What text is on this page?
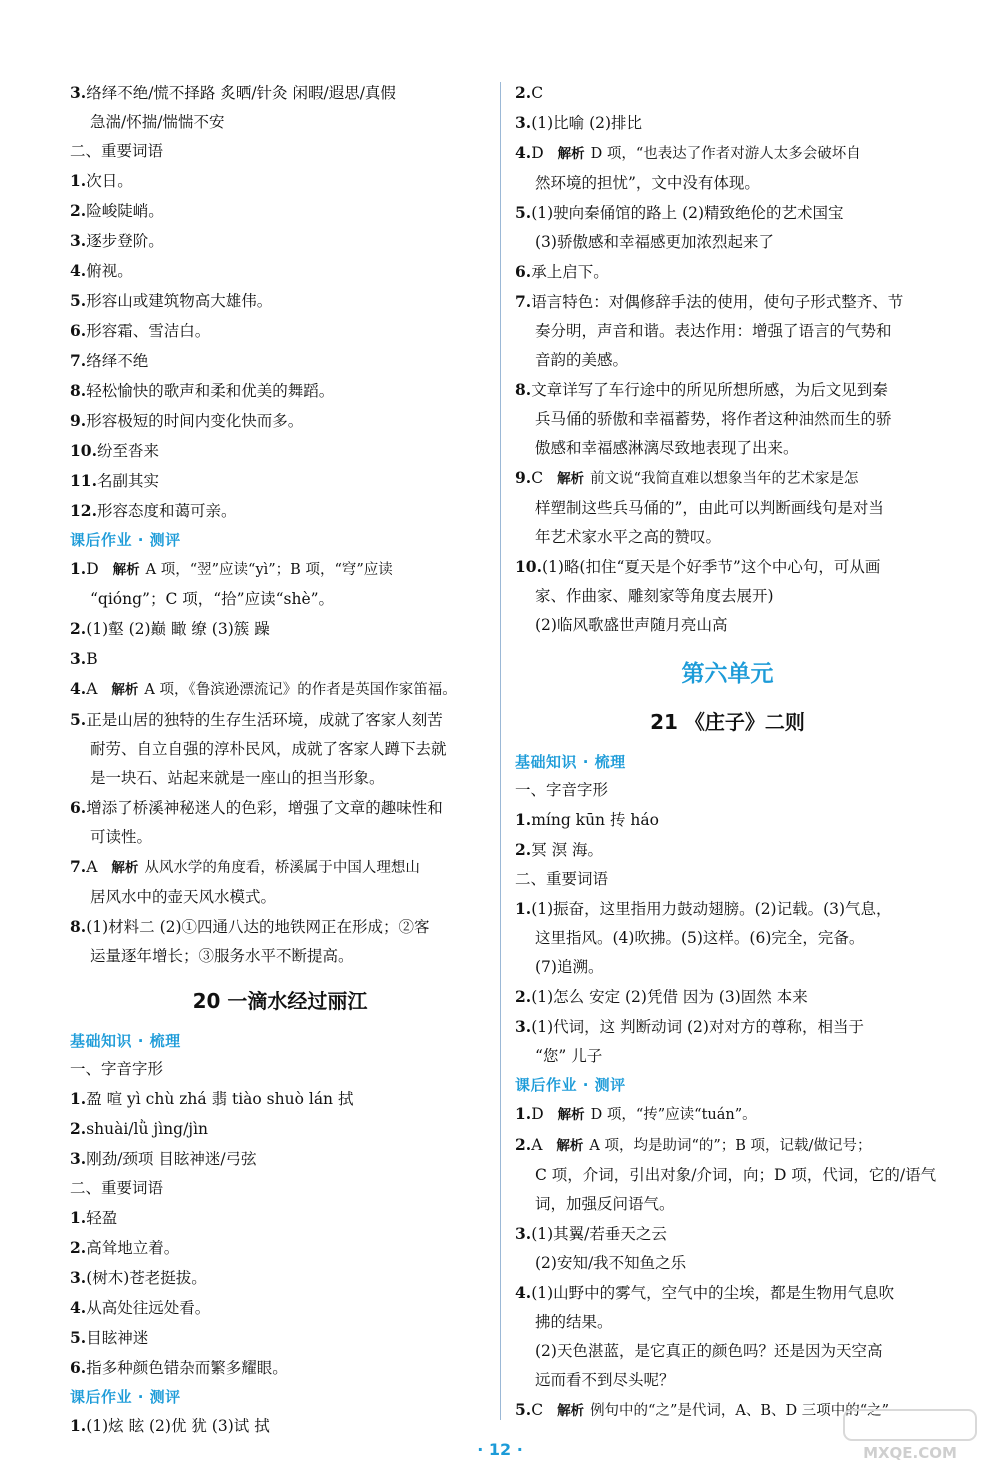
3.络绎不绝/慌不择路 炙晒/针灸 闲暇/遐思/真假

急湍/怀揣/惴惴不安

二、重要词语

1.次日。

2.险峻陡峭。

3.逐步登阶。

4.俯视。

5.形容山或建筑物高大雄伟。

6.形容霜、雪洁白。

7.络绎不绝

8.轻松愉快的歌声和柔和优美的舞蹈。

9.形容极短的时间内变化快而多。

10.纷至沓来

11.名副其实

12.形容态度和蔼可亲。

课后作业 · 测评

1.D 解析 A 项，“翌”应读“yì”；B 项，“穹”应读

“qióng”；C 项，“拾”应读“shè”。

2.(1)壑 (2)巅 瞰 缭 (3)簇 躁

3.B

4.A 解析 A 项，《鲁滨逊漂流记》的作者是英国作家笛福。

5.正是山居的独特的生存生活环境，成就了客家人刻苦

耐劳、自立自强的淳朴民风，成就了客家人蹲下去就

是一块石、站起来就是一座山的担当形象。

6.增添了桥溪神秘迷人的色彩，增强了文章的趣味性和

可读性。

7.A 解析 从风水学的角度看，桥溪属于中国人理想山

居风水中的壶天风水模式。

8.(1)材料二 (2)①四通八达的地铁网正在形成；②客

运量逐年增长；③服务水平不断提高。

20 一滴水经过丽江

基础知识 · 梳理

一、字音字形

1.盈 喧 yì chù zhá 翡 tiào shuò lán 拭

2.shuài/lǜ jìng/jìn

3.刚劲/颈项 目眩神迷/弓弦

二、重要词语

1.轻盈

2.高耸地立着。

3.(树木)苍老挺拔。

4.从高处往远处看。

5.目眩神迷

6.指多种颜色错杂而繁多耀眼。

课后作业 · 测评

1.(1)炫 眩 (2)优 犹 (3)试 拭

2.C

3.(1)比喻 (2)排比

4.D 解析 D 项，“也表达了作者对游人太多会破坏自

然环境的担忧”，文中没有体现。

5.(1)驶向秦俑馆的路上 (2)精致绝伦的艺术国宝

(3)骄傲感和幸福感更加浓烈起来了

6.承上启下。

7.语言特色：对偶修辞手法的使用，使句子形式整齐、节

奏分明，声音和谐。表达作用：增强了语言的气势和

音韵的美感。

8.文章详写了车行途中的所见所想所感，为后文见到秦

兵马俑的骄傲和幸福蓄势，将作者这种油然而生的骄

傲感和幸福感淋漓尽致地表现了出来。

9.C 解析 前文说“我简直难以想象当年的艺术家是怎

样塑制这些兵马俑的”，由此可以判断画线句是对当

年艺术家水平之高的赞叹。

10.(1)略(扣住“夏天是个好季节”这个中心句，可从画

家、作曲家、雕刻家等角度去展开)

(2)临风歌盛世声随月亮山高

第六单元
21 《庄子》二则

基础知识 · 梳理

一、字音字形

1.míng kūn 抟 háo

2.冥 溟 海。

二、重要词语

1.(1)振奋，这里指用力鼓动翅膀。(2)记载。(3)气息，

这里指风。(4)吹拂。(5)这样。(6)完全，完备。

(7)追溯。

2.(1)怎么 安定 (2)凭借 因为 (3)固然 本来

3.(1)代词，这 判断动词 (2)对对方的尊称，相当于

“您” 儿子

课后作业 · 测评

1.D 解析 D 项，“抟”应读“tuán”。

2.A 解析 A 项，均是助词“的”；B 项，记载/做记号；

C 项，介词，引出对象/介词，向；D 项，代词，它的/语气

词，加强反问语气。

3.(1)其翼/若垂天之云

(2)安知/我不知鱼之乐

4.(1)山野中的雾气，空气中的尘埃，都是生物用气息吹

拂的结果。

(2)天色湛蓝，是它真正的颜色吗？还是因为天空高

远而看不到尽头呢？

5.C 解析 例句中的“之”是代词，A、B、D 三项中的“之”

· 12 ·	MXQE.COM
